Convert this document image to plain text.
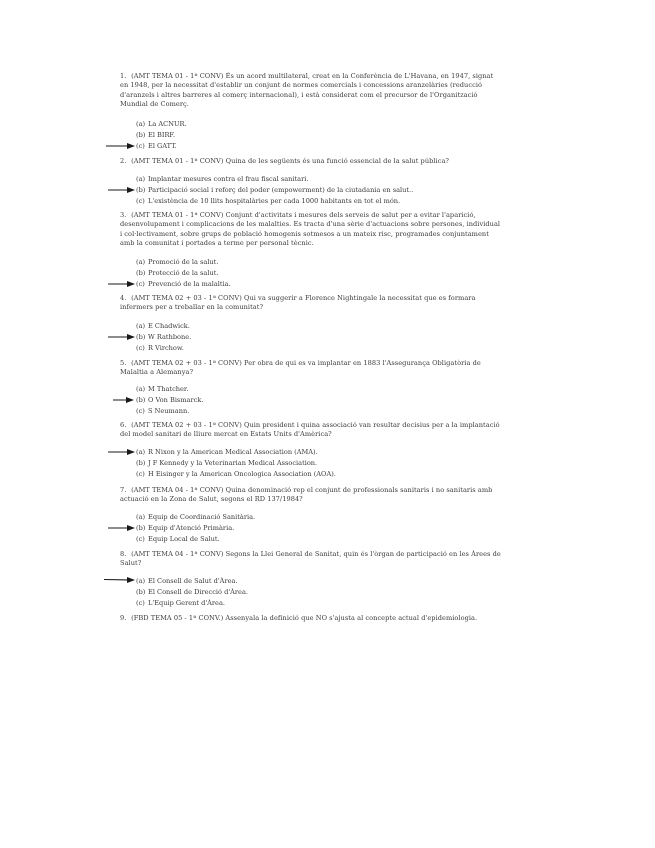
1. (AMT TEMA 01 - 1ª CONV) És un acord multilateral, creat en la Conferència de L'Havana, en 1947, signat en 1948, per la necessitat d'establir un conjunt de normes comercials i concessions aranzelàries (reducció d'aranzels i altres barreres al comerç internacional), i està considerat com el precursor de l'Organització Mundial de Comerç.
(a) La ACNUR.
(b) El BIRF.
(c) El GATT.
2. (AMT TEMA 01 - 1ª CONV) Quina de les següents és una funció essencial de la salut pública?
(a) Implantar mesures contra el frau fiscal sanitari.
(b) Participació social i reforç del poder (empowerment) de la ciutadania en salut..
(c) L'existència de 10 llits hospitalàries per cada 1000 habitants en tot el món.
3. (AMT TEMA 01 - 1ª CONV) Conjunt d'activitats i mesures dels serveis de salut per a evitar l'aparició, desenvolupament i complicacions de les malalties. Es tracta d'una sèrie d'actuacions sobre persones, individual i col·lectivament, sobre grups de població homogenis sotmesos a un mateix risc, programades conjuntament amb la comunitat i portades a terme per personal tècnic.
(a) Promoció de la salut.
(b) Protecció de la salut.
(c) Prevenció de la malaltia.
4. (AMT TEMA 02 + 03 - 1ª CONV) Qui va suggerir a Florence Nightingale la necessitat que es formara infermers per a treballar en la comunitat?
(a) E Chadwick.
(b) W Rathbone.
(c) R Virchow.
5. (AMT TEMA 02 + 03 - 1ª CONV) Per obra de qui es va implantar en 1883 l'Assegurança Obligatòria de Malaltia a Alemanya?
(a) M Thatcher.
(b) O Von Bismarck.
(c) S Neumann.
6. (AMT TEMA 02 + 03 - 1ª CONV) Quin president i quina associació van resultar decisius per a la implantació del model sanitari de lliure mercat en Estats Units d'Amèrica?
(a) R Nixon y la American Medical Association (AMA).
(b) J F Kennedy y la Veterinarian Medical Association.
(c) H Eisinger y la American Oncologica Association (AOA).
7. (AMT TEMA 04 - 1ª CONV) Quina denominació rep el conjunt de professionals sanitaris i no sanitaris amb actuació en la Zona de Salut, segons el RD 137/1984?
(a) Equip de Coordinació Sanitària.
(b) Equip d'Atenció Primària.
(c) Equip Local de Salut.
8. (AMT TEMA 04 - 1ª CONV) Segons la Llei General de Sanitat, quin és l'òrgan de participació en les Àrees de Salut?
(a) El Consell de Salut d'Àrea.
(b) El Consell de Direcció d'Àrea.
(c) L'Equip Gerent d'Àrea.
9. (FBD TEMA 05 - 1ª CONV.) Assenyala la definició que NO s'ajusta al concepte actual d'epidemiologia.
